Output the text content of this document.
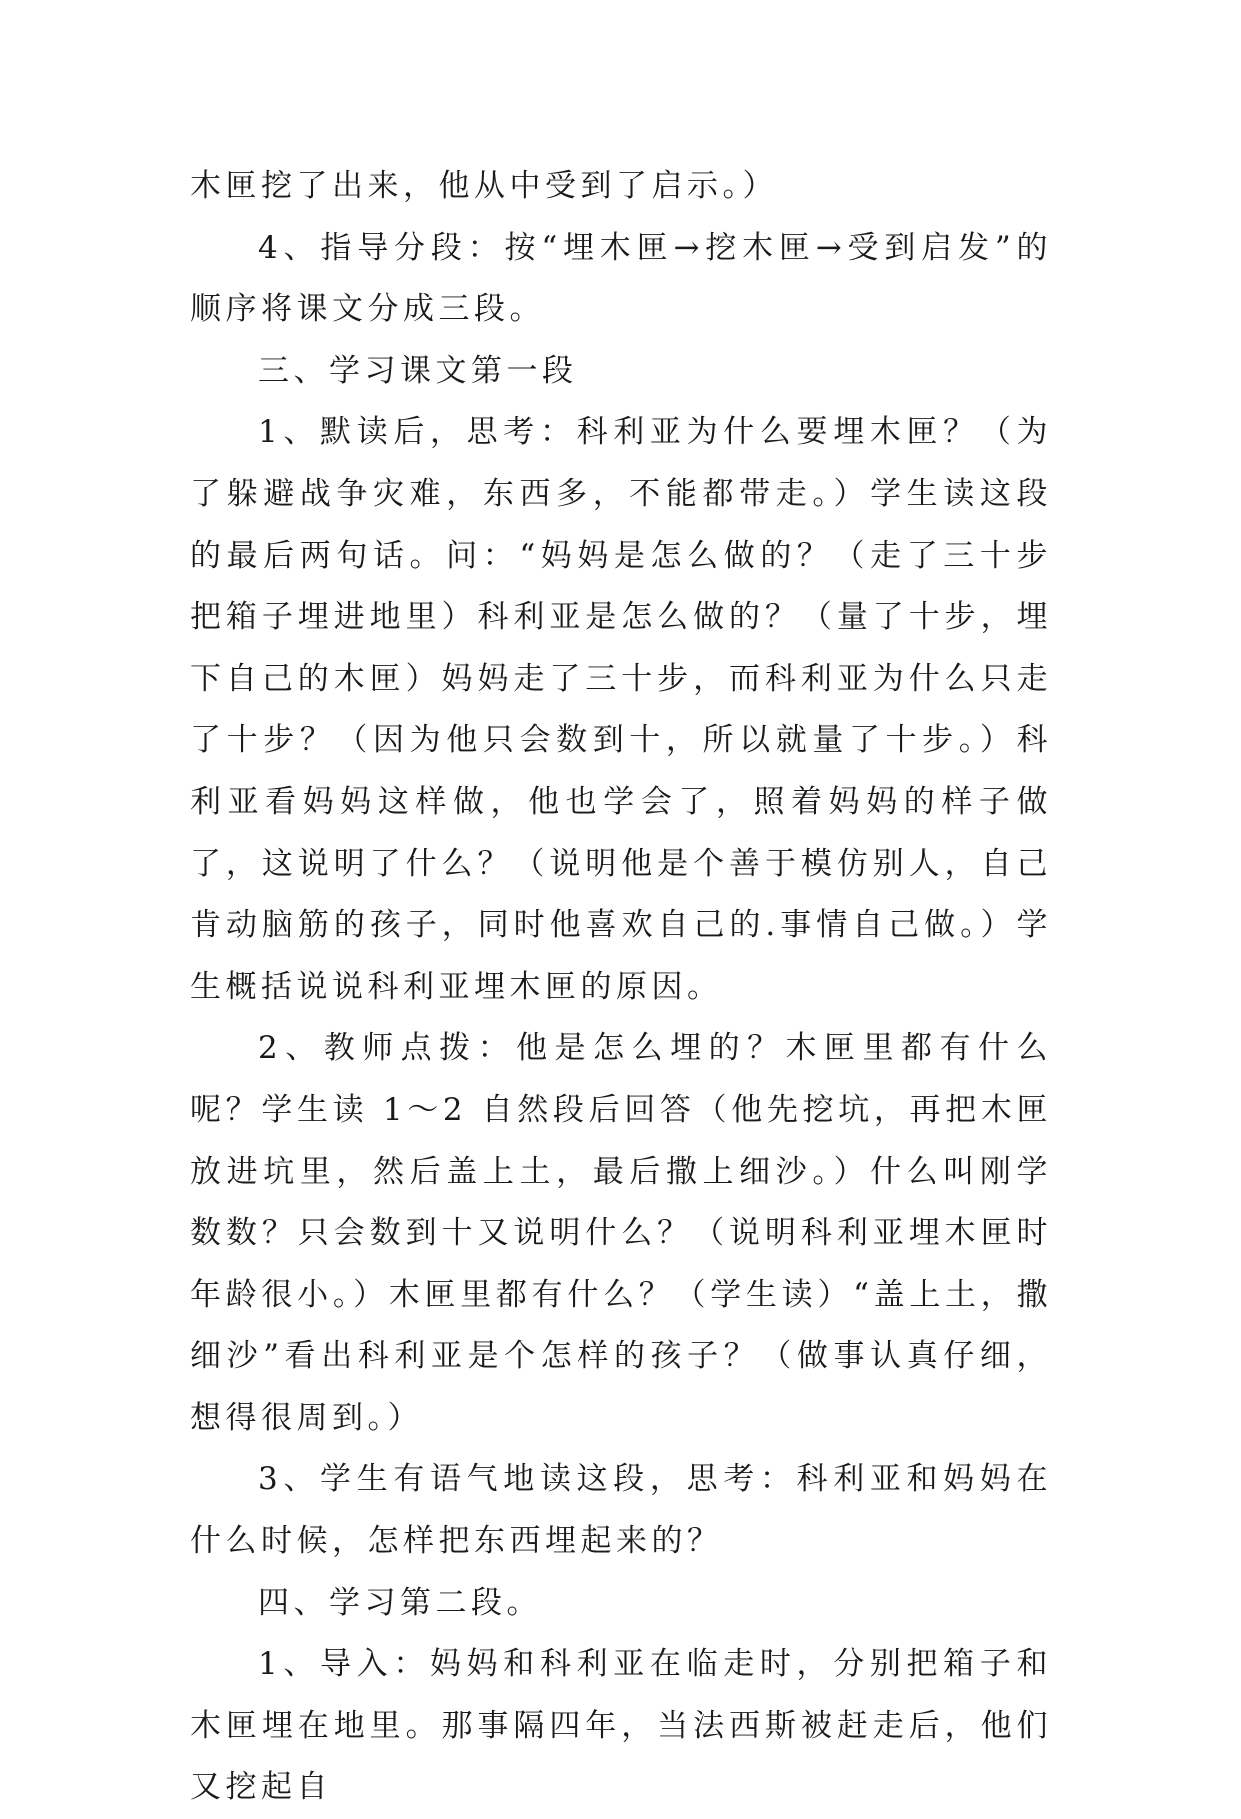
木匣挖了出来，他从中受到了启示。）

4、指导分段：按“埋木匣→挖木匣→受到启发”的顺序将课文分成三段。

三、学习课文第一段

1、默读后，思考：科利亚为什么要埋木匣？（为了躲避战争灾难，东西多，不能都带走。）学生读这段的最后两句话。问：“妈妈是怎么做的？（走了三十步把箱子埋进地里）科利亚是怎么做的？（量了十步，埋下自己的木匣）妈妈走了三十步，而科利亚为什么只走了十步？（因为他只会数到十，所以就量了十步。）科利亚看妈妈这样做，他也学会了，照着妈妈的样子做了，这说明了什么？（说明他是个善于模仿别人，自己肯动脑筋的孩子，同时他喜欢自己的.事情自己做。）学生概括说说科利亚埋木匣的原因。

2、教师点拨：他是怎么埋的？木匣里都有什么呢？学生读 1～2 自然段后回答（他先挖坑，再把木匣放进坑里，然后盖上土，最后撒上细沙。）什么叫刚学数数？只会数到十又说明什么？（说明科利亚埋木匣时年龄很小。）木匣里都有什么？（学生读）“盖上土，撒细沙”看出科利亚是个怎样的孩子？（做事认真仔细，想得很周到。）

3、学生有语气地读这段，思考：科利亚和妈妈在什么时候，怎样把东西埋起来的？

四、学习第二段。

1、导入：妈妈和科利亚在临走时，分别把箱子和木匣埋在地里。那事隔四年，当法西斯被赶走后，他们又挖起自
